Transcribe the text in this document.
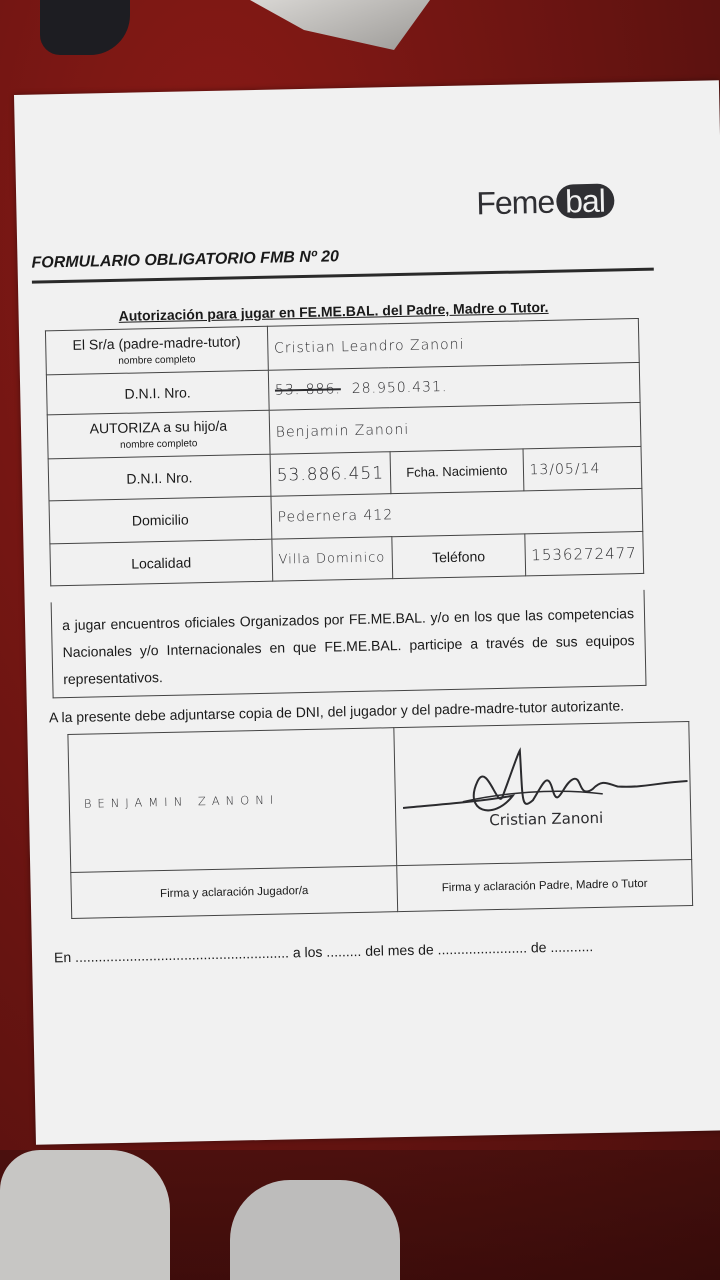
Feme bal
FORMULARIO OBLIGATORIO FMB Nº 20
Autorización para jugar en FE.ME.BAL. del Padre, Madre o Tutor.
El Sr/a (padre-madre-tutor)
nombre completo	Cristian Leandro Zanoni		
D.N.I. Nro.	53. 886. 28.950.431.		
AUTORIZA a su hijo/a
nombre completo	Benjamin Zanoni		
D.N.I. Nro.	53.886.451	Fcha. Nacimiento	13/05/14
Domicilio	Pedernera 412		
Localidad	Villa Dominico	Teléfono	1536272477
a jugar encuentros oficiales Organizados por FE.ME.BAL. y/o en los que las competencias Nacionales y/o Internacionales en que FE.ME.BAL. participe a través de sus equipos representativos.
A la presente debe adjuntarse copia de DNI, del jugador y del padre-madre-tutor autorizante.
BENJAMIN ZANONI	Cristian Zanoni

Firma y aclaración Jugador/a	Firma y aclaración Padre, Madre o Tutor
En ....................................................... a los ......... del mes de ....................... de ...........
